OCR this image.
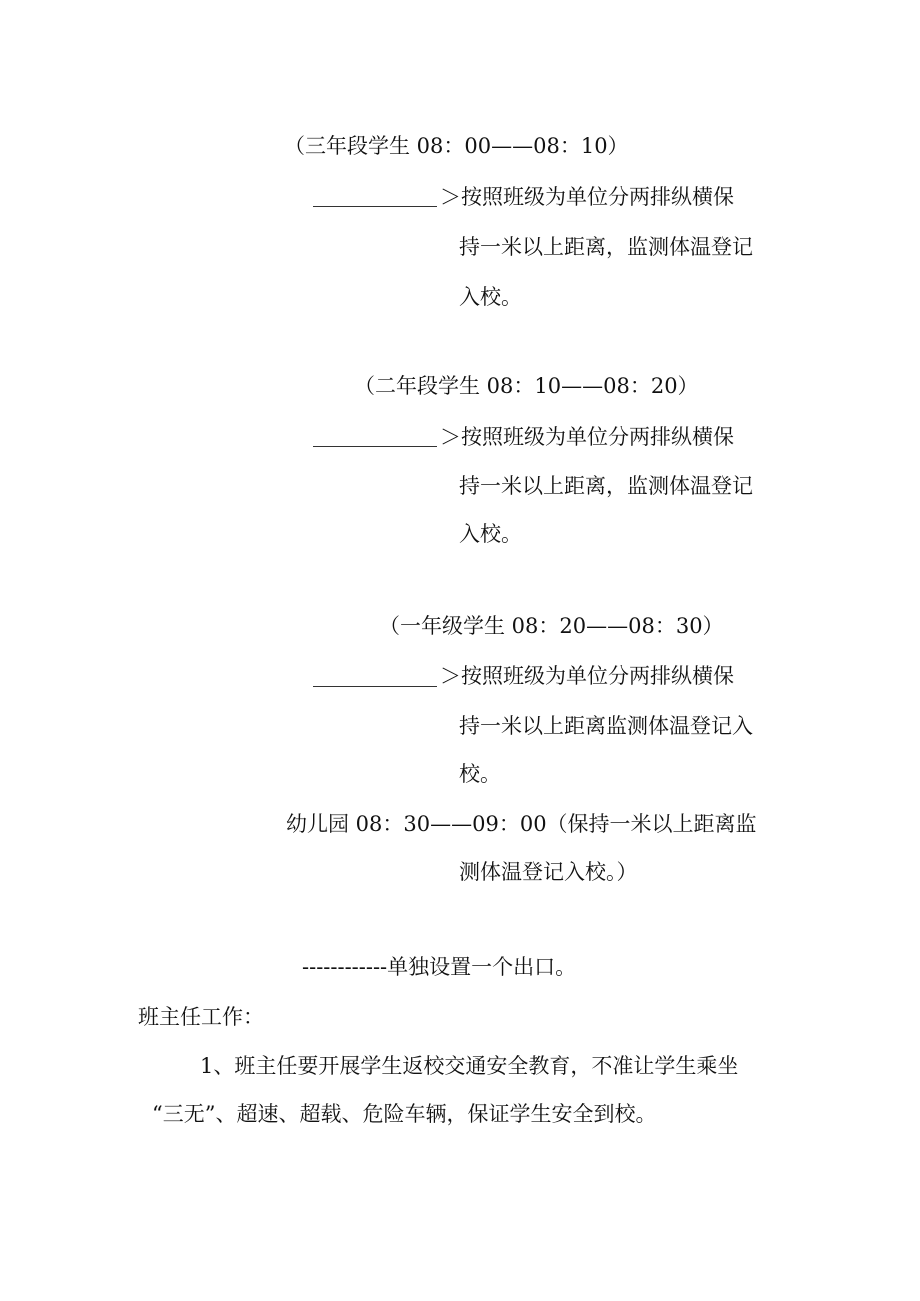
（三年段学生 08：00——08：10）

＞按照班级为单位分两排纵横保

持一米以上距离，监测体温登记

入校。

（二年段学生 08：10——08：20）

＞按照班级为单位分两排纵横保

持一米以上距离，监测体温登记

入校。

（一年级学生 08：20——08：30）

＞按照班级为单位分两排纵横保

持一米以上距离监测体温登记入

校。

幼儿园 08：30——09：00（保持一米以上距离监

测体温登记入校。）

------------单独设置一个出口。

班主任工作：

1、班主任要开展学生返校交通安全教育，不准让学生乘坐

“三无”、超速、超载、危险车辆，保证学生安全到校。
